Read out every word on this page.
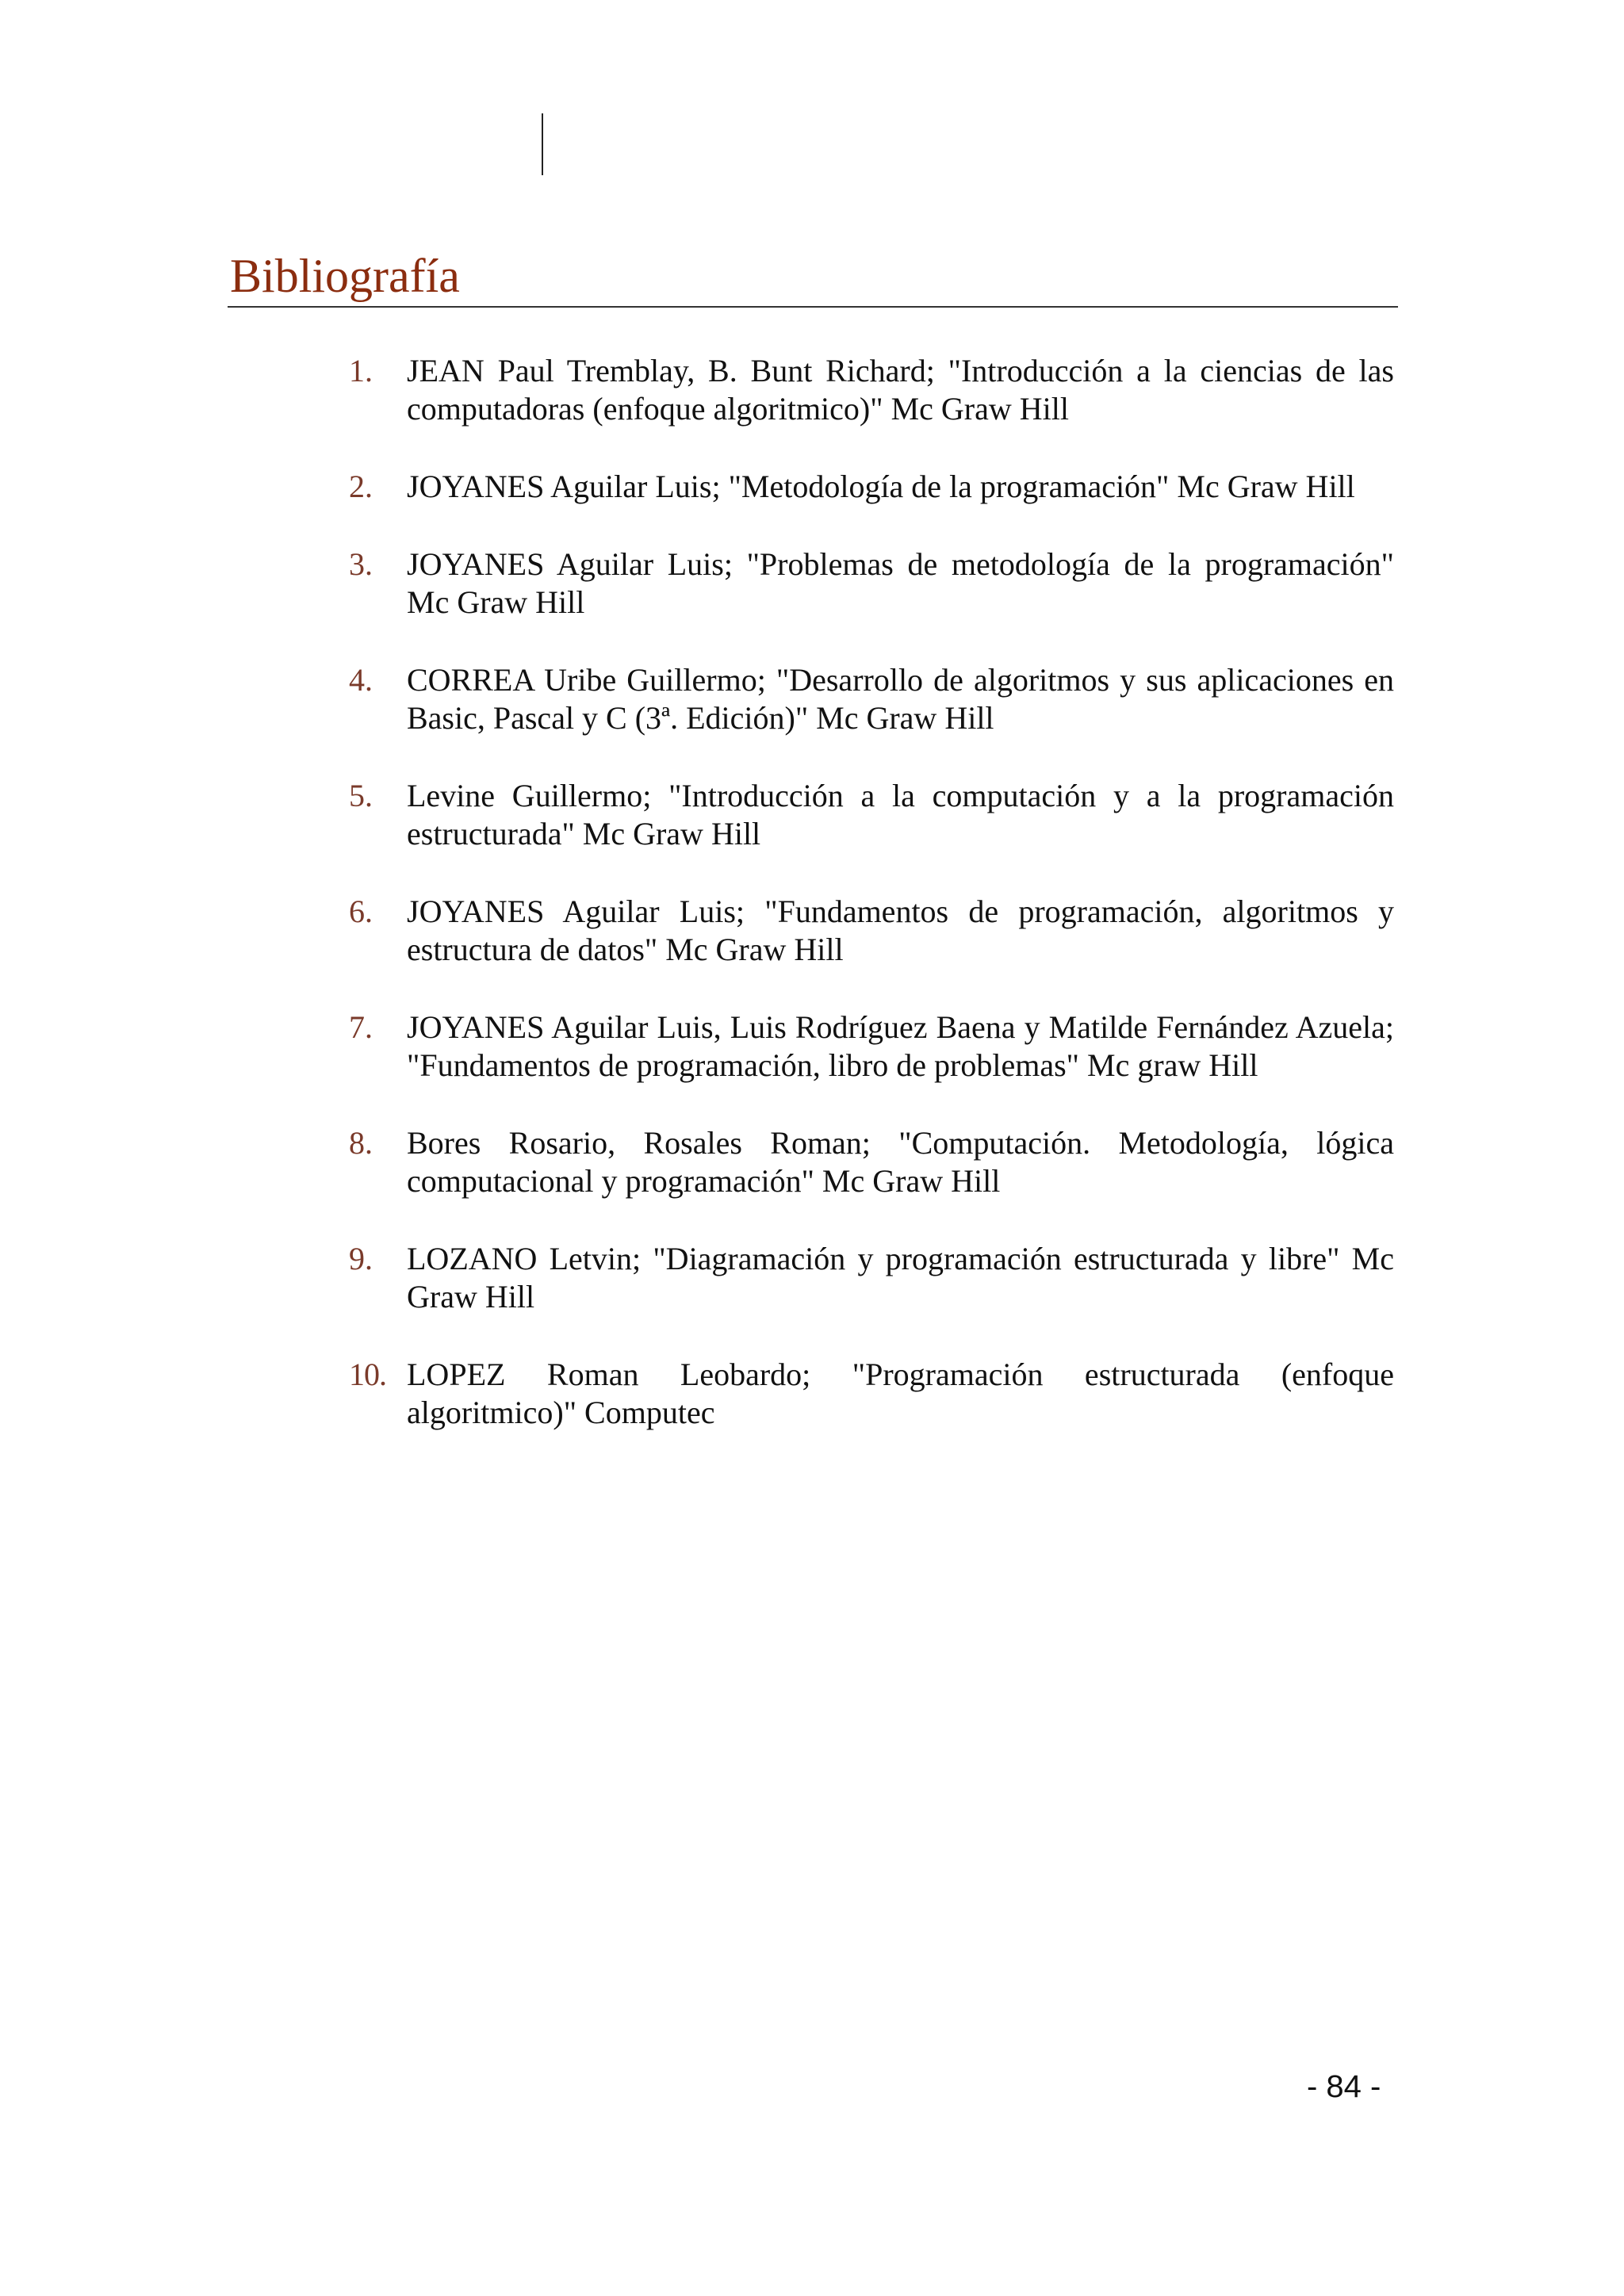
Bibliografía
1.	JEAN Paul Tremblay, B. Bunt Richard; "Introducción a la ciencias de las computadoras (enfoque algoritmico)" Mc Graw Hill
2.	JOYANES Aguilar Luis; "Metodología de la programación" Mc Graw Hill
3.	JOYANES Aguilar Luis; "Problemas de metodología de la programación" Mc Graw Hill
4.	CORREA Uribe Guillermo; "Desarrollo de algoritmos y sus aplicaciones en Basic, Pascal y C (3ª. Edición)" Mc Graw Hill
5.	Levine Guillermo; "Introducción a la computación y a la programación estructurada" Mc Graw Hill
6.	JOYANES Aguilar Luis; "Fundamentos de programación, algoritmos y estructura de datos" Mc Graw Hill
7.	JOYANES Aguilar Luis, Luis Rodríguez Baena y Matilde Fernández Azuela; "Fundamentos de programación, libro de problemas" Mc graw Hill
8.	Bores Rosario, Rosales Roman; "Computación. Metodología, lógica computacional y programación" Mc Graw Hill
9.	LOZANO Letvin; "Diagramación y programación estructurada y libre" Mc Graw Hill
10. LOPEZ Roman Leobardo; "Programación estructurada (enfoque algoritmico)" Computec
- 84 -
